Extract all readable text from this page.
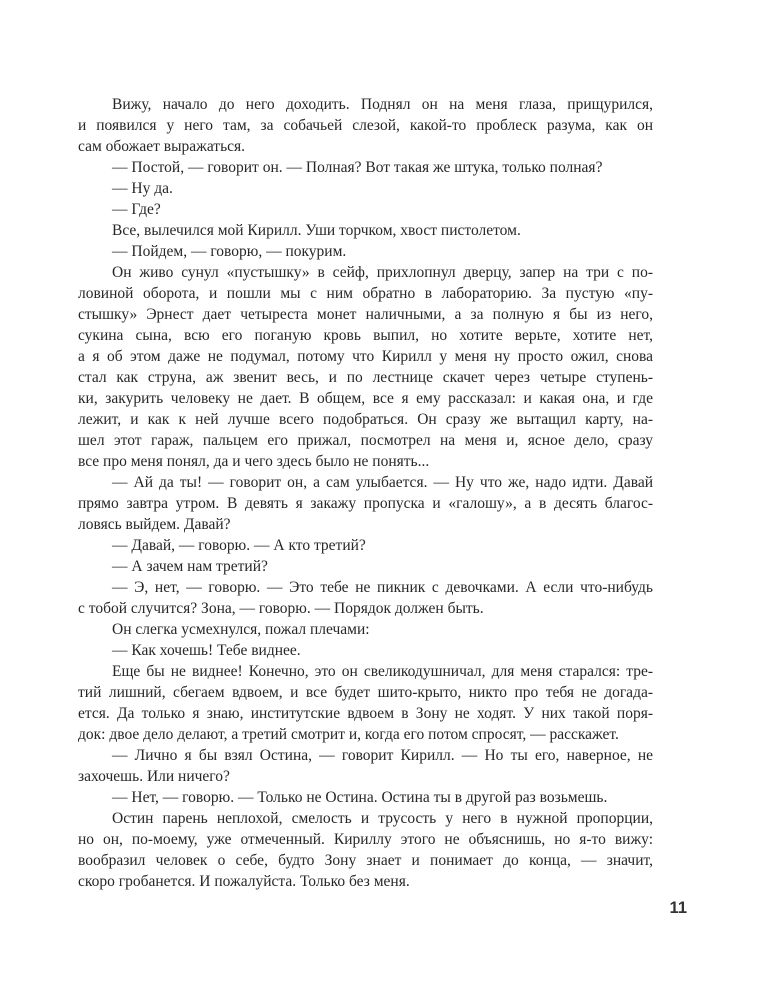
Вижу, начало до него доходить. Поднял он на меня глаза, прищурился,
и появился у него там, за собачьей слезой, какой-то проблеск разума, как он
сам обожает выражаться.
— Постой, — говорит он. — Полная? Вот такая же штука, только полная?
— Ну да.
— Где?
Все, вылечился мой Кирилл. Уши торчком, хвост пистолетом.
— Пойдем, — говорю, — покурим.
Он живо сунул «пустышку» в сейф, прихлопнул дверцу, запер на три с по-
ловиной оборота, и пошли мы с ним обратно в лабораторию. За пустую «пу-
стышку» Эрнест дает четыреста монет наличными, а за полную я бы из него,
сукина сына, всю его поганую кровь выпил, но хотите верьте, хотите нет,
а я об этом даже не подумал, потому что Кирилл у меня ну просто ожил, снова
стал как струна, аж звенит весь, и по лестнице скачет через четыре ступень-
ки, закурить человеку не дает. В общем, все я ему рассказал: и какая она, и где
лежит, и как к ней лучше всего подобраться. Он сразу же вытащил карту, на-
шел этот гараж, пальцем его прижал, посмотрел на меня и, ясное дело, сразу
все про меня понял, да и чего здесь было не понять...
— Ай да ты! — говорит он, а сам улыбается. — Ну что же, надо идти. Давай
прямо завтра утром. В девять я закажу пропуска и «галошу», а в десять благос-
ловясь выйдем. Давай?
— Давай, — говорю. — А кто третий?
— А зачем нам третий?
— Э, нет, — говорю. — Это тебе не пикник с девочками. А если что-нибудь
с тобой случится? Зона, — говорю. — Порядок должен быть.
Он слегка усмехнулся, пожал плечами:
— Как хочешь! Тебе виднее.
Еще бы не виднее! Конечно, это он свеликодушничал, для меня старался: тре-
тий лишний, сбегаем вдвоем, и все будет шито-крыто, никто про тебя не догада-
ется. Да только я знаю, институтские вдвоем в Зону не ходят. У них такой поря-
док: двое дело делают, а третий смотрит и, когда его потом спросят, — расскажет.
— Лично я бы взял Остина, — говорит Кирилл. — Но ты его, наверное, не
захочешь. Или ничего?
— Нет, — говорю. — Только не Остина. Остина ты в другой раз возьмешь.
Остин парень неплохой, смелость и трусость у него в нужной пропорции,
но он, по-моему, уже отмеченный. Кириллу этого не объяснишь, но я-то вижу:
вообразил человек о себе, будто Зону знает и понимает до конца, — значит,
скоро гробанется. И пожалуйста. Только без меня.
11
